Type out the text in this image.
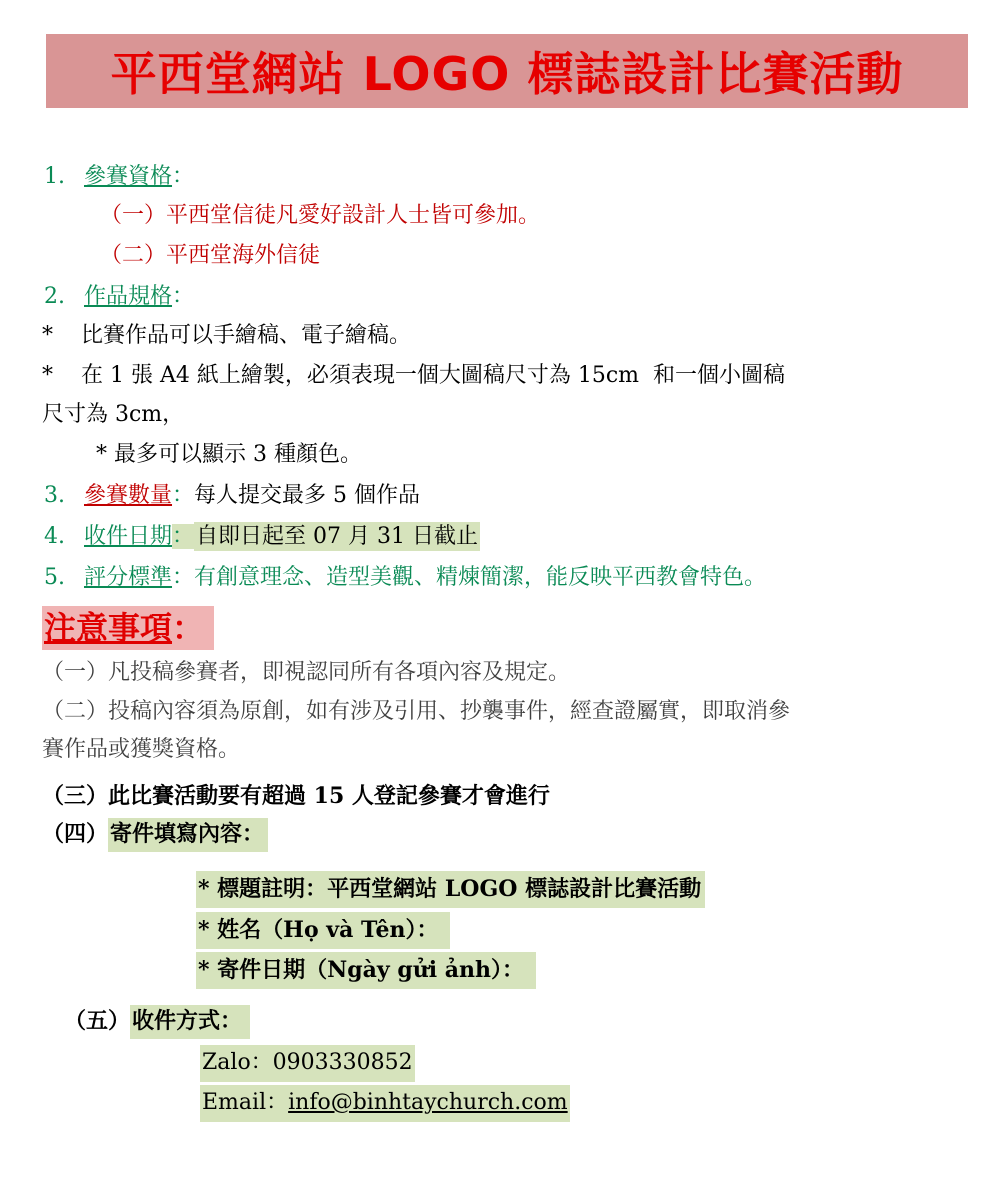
平西堂網站 LOGO 標誌設計比賽活動
1. 參賽資格：
（一）平西堂信徒凡愛好設計人士皆可參加。
（二）平西堂海外信徒
2. 作品規格：
*    比賽作品可以手繪稿、電子繪稿。
*    在 1 張 A4 紙上繪製，必須表現一個大圖稿尺寸為 15cm  和一個小圖稿
尺寸為 3cm，
* 最多可以顯示 3 種顏色。
3. 參賽數量：每人提交最多 5 個作品
4. 收件日期：自即日起至 07 月 31 日截止
5. 評分標準：有創意理念、造型美觀、精煉簡潔，能反映平西教會特色。
注意事項：
（一）凡投稿參賽者，即視認同所有各項內容及規定。
（二）投稿內容須為原創，如有涉及引用、抄襲事件，經查證屬實，即取消參
賽作品或獲獎資格。
（三）此比賽活動要有超過 15 人登記參賽才會進行
（四）寄件填寫內容：
* 標題註明：平西堂網站 LOGO 標誌設計比賽活動
* 姓名（Họ và Tên）：
* 寄件日期（Ngày gửi ảnh）：
（五）收件方式：
Zalo：0903330852
Email：info@binhtaychurch.com
